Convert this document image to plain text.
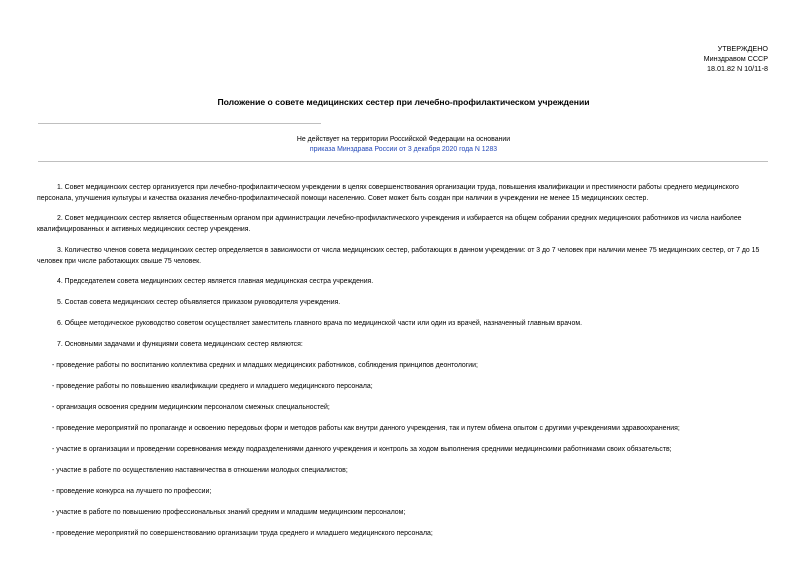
УТВЕРЖДЕНО
Минздравом СССР
18.01.82 N 10/11-8
Положение о совете медицинских сестер при лечебно-профилактическом учреждении
Не действует на территории Российской Федерации на основании
приказа Минздрава России от 3 декабря 2020 года N 1283

1. Совет медицинских сестер организуется при лечебно-профилактическом учреждении в целях совершенствования организации труда, повышения квалификации и престижности работы среднего медицинского персонала, улучшения культуры и качества оказания лечебно-профилактической помощи населению. Совет может быть создан при наличии в учреждении не менее 15 медицинских сестер.

2. Совет медицинских сестер является общественным органом при администрации лечебно-профилактического учреждения и избирается на общем собрании средних медицинских работников из числа наиболее квалифицированных и активных медицинских сестер учреждения.

3. Количество членов совета медицинских сестер определяется в зависимости от числа медицинских сестер, работающих в данном учреждении: от 3 до 7 человек при наличии менее 75 медицинских сестер, от 7 до 15 человек при числе работающих свыше 75 человек.

4. Председателем совета медицинских сестер является главная медицинская сестра учреждения.

5. Состав совета медицинских сестер объявляется приказом руководителя учреждения.

6. Общее методическое руководство советом осуществляет заместитель главного врача по медицинской части или один из врачей, назначенный главным врачом.

7. Основными задачами и функциями совета медицинских сестер являются:

- проведение работы по воспитанию коллектива средних и младших медицинских работников, соблюдения принципов деонтологии;

- проведение работы по повышению квалификации среднего и младшего медицинского персонала;

- организация освоения средним медицинским персоналом смежных специальностей;

- проведение мероприятий по пропаганде и освоению передовых форм и методов работы как внутри данного учреждения, так и путем обмена опытом с другими учреждениями здравоохранения;

- участие в организации и проведении соревнования между подразделениями данного учреждения и контроль за ходом выполнения средними медицинскими работниками своих обязательств;

- участие в работе по осуществлению наставничества в отношении молодых специалистов;

- проведение конкурса на лучшего по профессии;

- участие в работе по повышению профессиональных знаний средним и младшим медицинским персоналом;

- проведение мероприятий по совершенствованию организации труда среднего и младшего медицинского персонала;
